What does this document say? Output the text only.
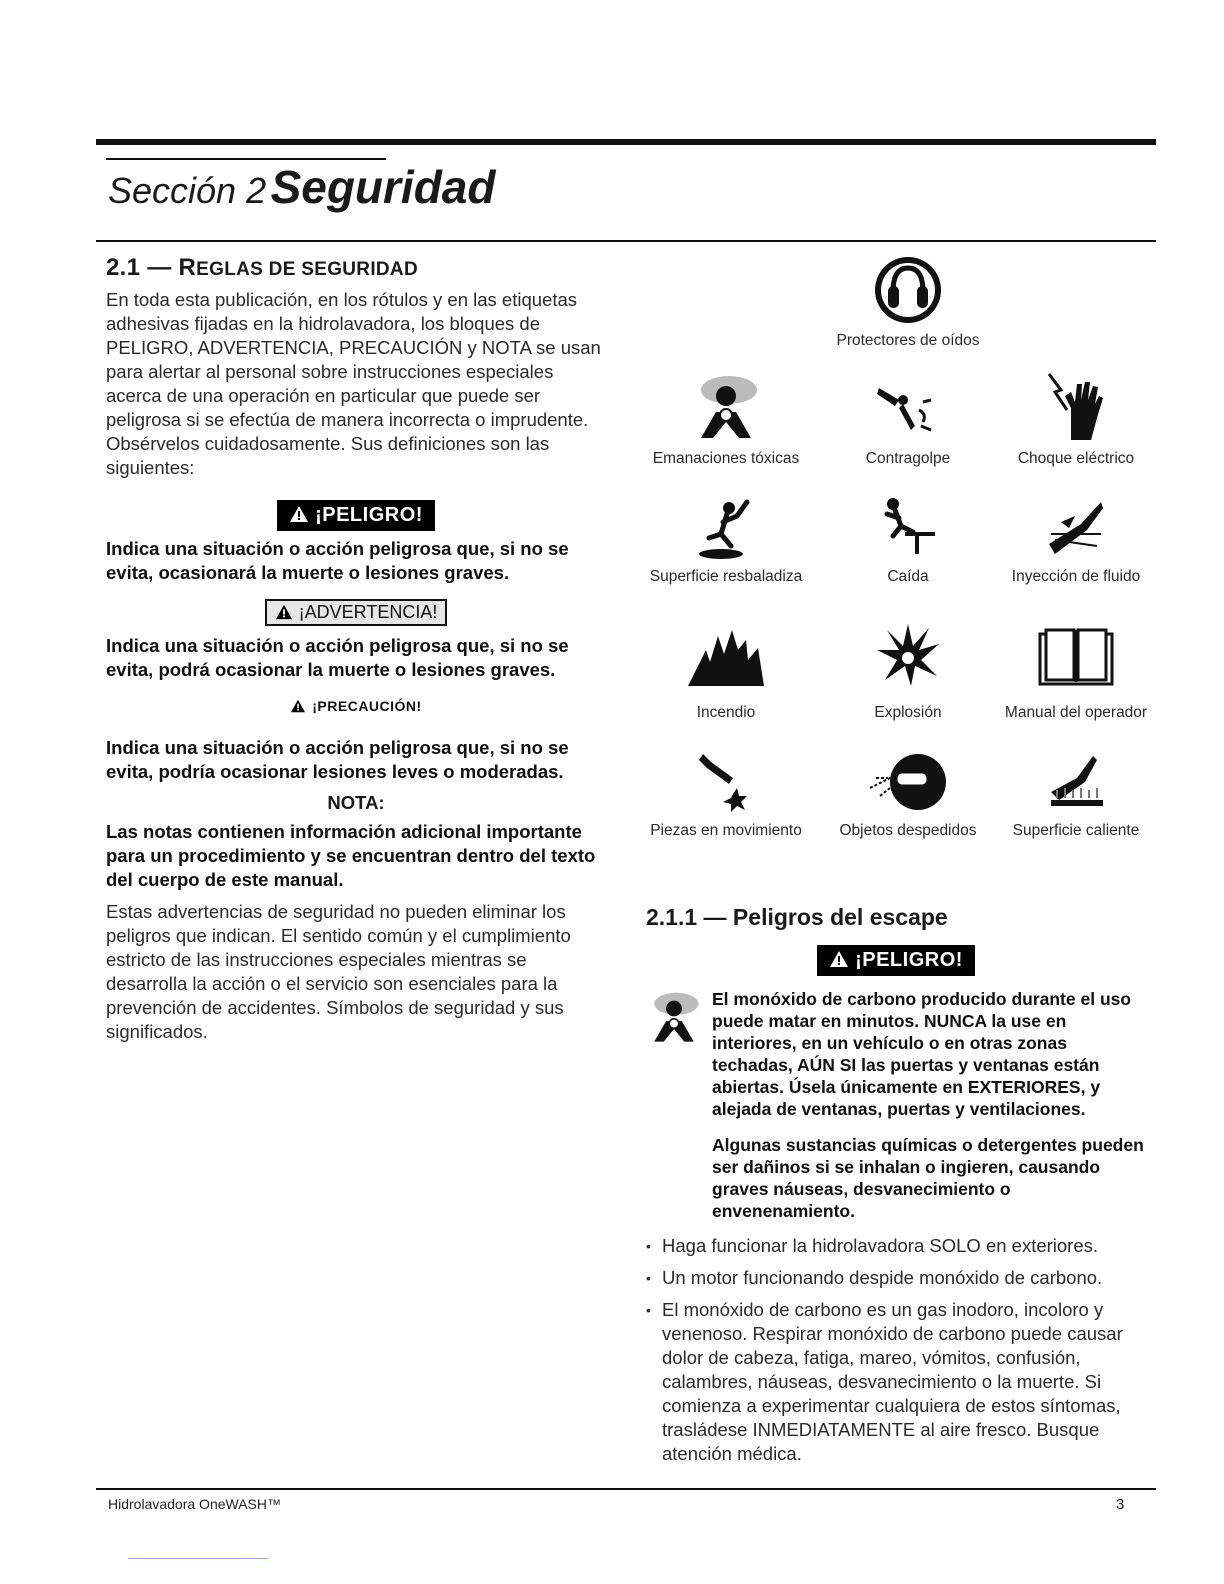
Sección 2 Seguridad
2.1 — REGLAS DE SEGURIDAD

En toda esta publicación, en los rótulos y en las etiquetas adhesivas fijadas en la hidrolavadora, los bloques de PELIGRO, ADVERTENCIA, PRECAUCIÓN y NOTA se usan para alertar al personal sobre instrucciones especiales acerca de una operación en particular que puede ser peligrosa si se efectúa de manera incorrecta o imprudente. Obsérvelos cuidadosamente. Sus definiciones son las siguientes:

¡PELIGRO!

Indica una situación o acción peligrosa que, si no se evita, ocasionará la muerte o lesiones graves.

¡ADVERTENCIA!

Indica una situación o acción peligrosa que, si no se evita, podrá ocasionar la muerte o lesiones graves.

¡PRECAUCIÓN!

Indica una situación o acción peligrosa que, si no se evita, podría ocasionar lesiones leves o moderadas.

NOTA:

Las notas contienen información adicional importante para un procedimiento y se encuentran dentro del texto del cuerpo de este manual.

Estas advertencias de seguridad no pueden eliminar los peligros que indican. El sentido común y el cumplimiento estricto de las instrucciones especiales mientras se desarrolla la acción o el servicio son esenciales para la prevención de accidentes. Símbolos de seguridad y sus significados.

Protectores de oídos
Emanaciones tóxicas	Contragolpe	Choque eléctrico
Superficie resbaladiza	Caída	Inyección de fluido
Incendio	Explosión	Manual del operador
Piezas en movimiento	Objetos despedidos	Superficie caliente
2.1.1 — Peligros del escape
¡PELIGRO!

El monóxido de carbono producido durante el uso puede matar en minutos. NUNCA la use en interiores, en un vehículo o en otras zonas techadas, AÚN SI las puertas y ventanas están abiertas. Úsela únicamente en EXTERIORES, y alejada de ventanas, puertas y ventilaciones.

Algunas sustancias químicas o detergentes pueden ser dañinos si se inhalan o ingieren, causando graves náuseas, desvanecimiento o envenenamiento.

• Haga funcionar la hidrolavadora SOLO en exteriores.
• Un motor funcionando despide monóxido de carbono.
• El monóxido de carbono es un gas inodoro, incoloro y venenoso. Respirar monóxido de carbono puede causar dolor de cabeza, fatiga, mareo, vómitos, confusión, calambres, náuseas, desvanecimiento o la muerte. Si comienza a experimentar cualquiera de estos síntomas, trasládese INMEDIATAMENTE al aire fresco. Busque atención médica.
Hidrolavadora OneWASH™	3
